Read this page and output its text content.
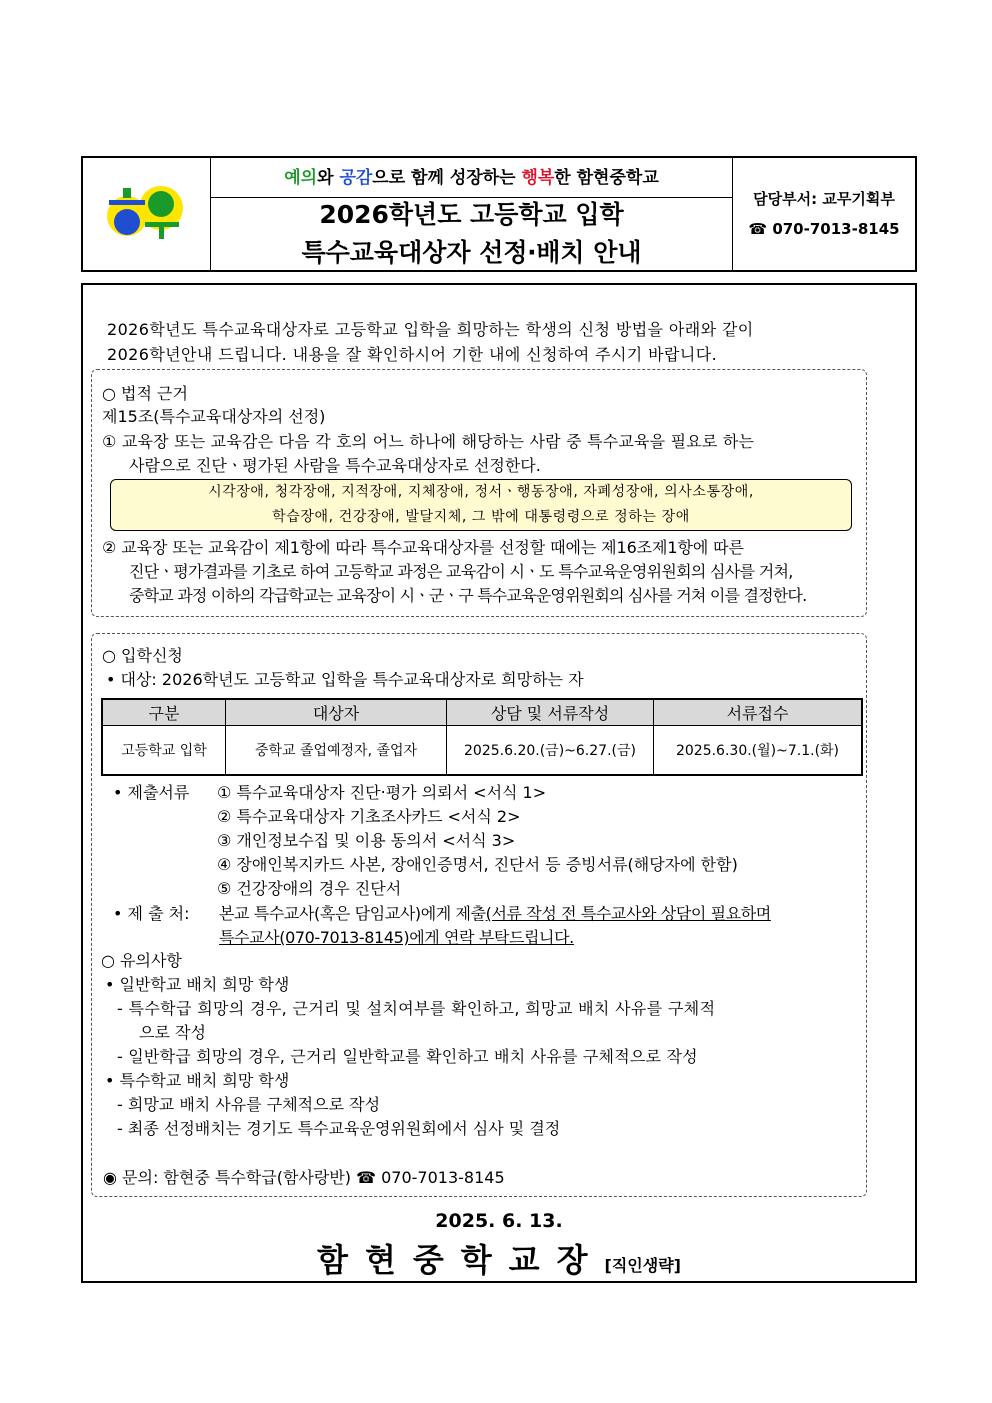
예의와 공감으로 함께 성장하는 행복한 함현중학교
2026학년도 고등학교 입학
특수교육대상자 선정‧배치 안내
담당부서: 교무기획부
☎ 070-7013-8145
2026학년도 특수교육대상자로 고등학교 입학을 희망하는 학생의 신청 방법을 아래와 같이
2026학년안내 드립니다. 내용을 잘 확인하시어 기한 내에 신청하여 주시기 바랍니다.
○ 법적 근거
제15조(특수교육대상자의 선정)
① 교육장 또는 교육감은 다음 각 호의 어느 하나에 해당하는 사람 중 특수교육을 필요로 하는
사람으로 진단ㆍ평가된 사람을 특수교육대상자로 선정한다.
시각장애, 청각장애, 지적장애, 지체장애, 정서ㆍ행동장애, 자폐성장애, 의사소통장애,
학습장애, 건강장애, 발달지체, 그 밖에 대통령령으로 정하는 장애
② 교육장 또는 교육감이 제1항에 따라 특수교육대상자를 선정할 때에는 제16조제1항에 따른
진단ㆍ평가결과를 기초로 하여 고등학교 과정은 교육감이 시ㆍ도 특수교육운영위원회의 심사를 거쳐,
중학교 과정 이하의 각급학교는 교육장이 시ㆍ군ㆍ구 특수교육운영위원회의 심사를 거쳐 이를 결정한다.
○ 입학신청
• 대상: 2026학년도 고등학교 입학을 특수교육대상자로 희망하는 자
구분	대상자	상담 및 서류작성	서류접수
고등학교 입학	중학교 졸업예정자, 졸업자	2025.6.20.(금)~6.27.(금)	2025.6.30.(월)~7.1.(화)
• 제출서류 ① 특수교육대상자 진단‧평가 의뢰서 <서식 1>
② 특수교육대상자 기초조사카드 <서식 2>
③ 개인정보수집 및 이용 동의서 <서식 3>
④ 장애인복지카드 사본, 장애인증명서, 진단서 등 증빙서류(해당자에 한함)
⑤ 건강장애의 경우 진단서
• 제 출 처: 본교 특수교사(혹은 담임교사)에게 제출(서류 작성 전 특수교사와 상담이 필요하며
특수교사(070-7013-8145)에게 연락 부탁드립니다.
○ 유의사항
• 일반학교 배치 희망 학생
- 특수학급 희망의 경우, 근거리 및 설치여부를 확인하고, 희망교 배치 사유를 구체적
으로 작성
- 일반학급 희망의 경우, 근거리 일반학교를 확인하고 배치 사유를 구체적으로 작성
• 특수학교 배치 희망 학생
- 희망교 배치 사유를 구체적으로 작성
- 최종 선정배치는 경기도 특수교육운영위원회에서 심사 및 결정
◉ 문의: 함현중 특수학급(함사랑반) ☎ 070-7013-8145
2025. 6. 13.
함현중학교장[직인생략]
